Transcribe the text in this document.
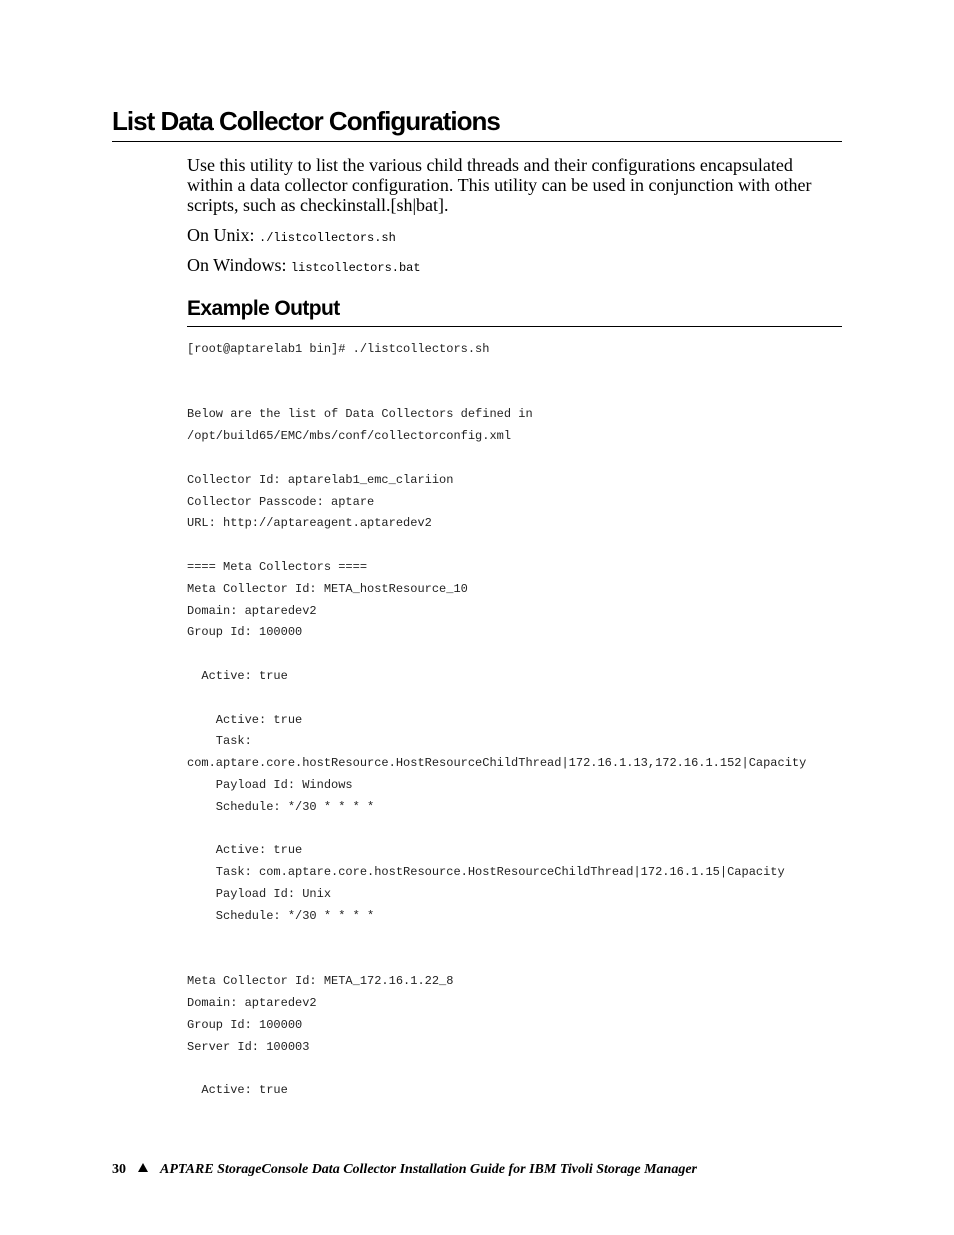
List Data Collector Configurations

Use this utility to list the various child threads and their configurations encapsulated within a data collector configuration. This utility can be used in conjunction with other scripts, such as checkinstall.[sh|bat].

On Unix: ./listcollectors.sh

On Windows: listcollectors.bat

Example Output
[root@aptarelab1 bin]# ./listcollectors.sh

Below are the list of Data Collectors defined in
/opt/build65/EMC/mbs/conf/collectorconfig.xml

Collector Id: aptarelab1_emc_clariion
Collector Passcode: aptare
URL: http://aptareagent.aptaredev2

==== Meta Collectors ====
Meta Collector Id: META_hostResource_10
Domain: aptaredev2
Group Id: 100000

Active: true

Active: true
Task:
com.aptare.core.hostResource.HostResourceChildThread|172.16.1.13,172.16.1.152|Capacity
Payload Id: Windows
Schedule: */30 * * * *

Active: true
Task: com.aptare.core.hostResource.HostResourceChildThread|172.16.1.15|Capacity
Payload Id: Unix
Schedule: */30 * * * *

Meta Collector Id: META_172.16.1.22_8
Domain: aptaredev2
Group Id: 100000
Server Id: 100003

Active: true
30 APTARE StorageConsole Data Collector Installation Guide for IBM Tivoli Storage Manager
